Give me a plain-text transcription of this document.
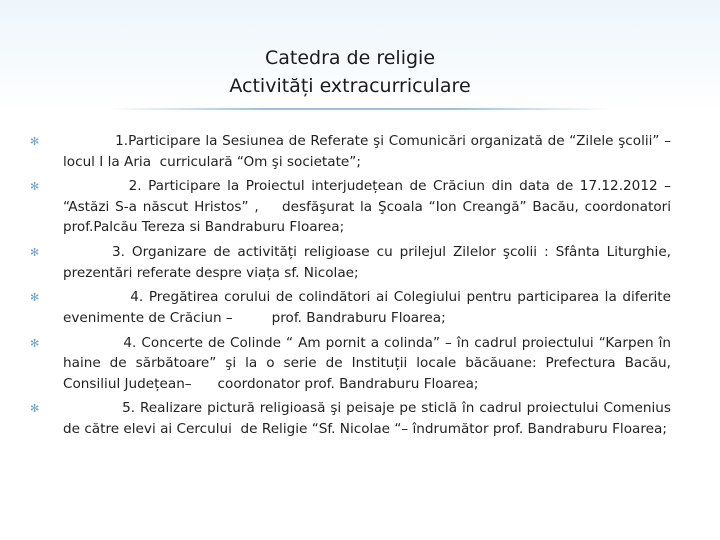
Catedra de religie
Activități extracurriculare
✻ 1.Participare la Sesiunea de Referate şi Comunicări organizată de “Zilele şcolii” – locul I la Aria  curriculară “Om şi societate”;
✻ 2. Participare la Proiectul interjudețean de Crăciun din data de 17.12.2012 – “Astăzi S-a născut Hristos” ,    desfăşurat la Şcoala “Ion Creangă” Bacău, coordonatori prof.Palcău Tereza si Bandraburu Floarea;
✻ 3. Organizare de activități religioase cu prilejul Zilelor şcolii : Sfânta Liturghie, prezentări referate despre viața sf. Nicolae;
✻ 4. Pregătirea corului de colindători ai Colegiului pentru participarea la diferite evenimente de Crăciun –         prof. Bandraburu Floarea;
✻ 4. Concerte de Colinde “ Am pornit a colinda” – în cadrul proiectului “Karpen în haine de sărbătoare” şi la o serie de Instituții locale băcăuane: Prefectura Bacău, Consiliul Județean–      coordonator prof. Bandraburu Floarea;
✻ 5. Realizare pictură religioasă şi peisaje pe sticlă în cadrul proiectului Comenius de către elevi ai Cercului  de Religie “Sf. Nicolae “– îndrumător prof. Bandraburu Floarea;
